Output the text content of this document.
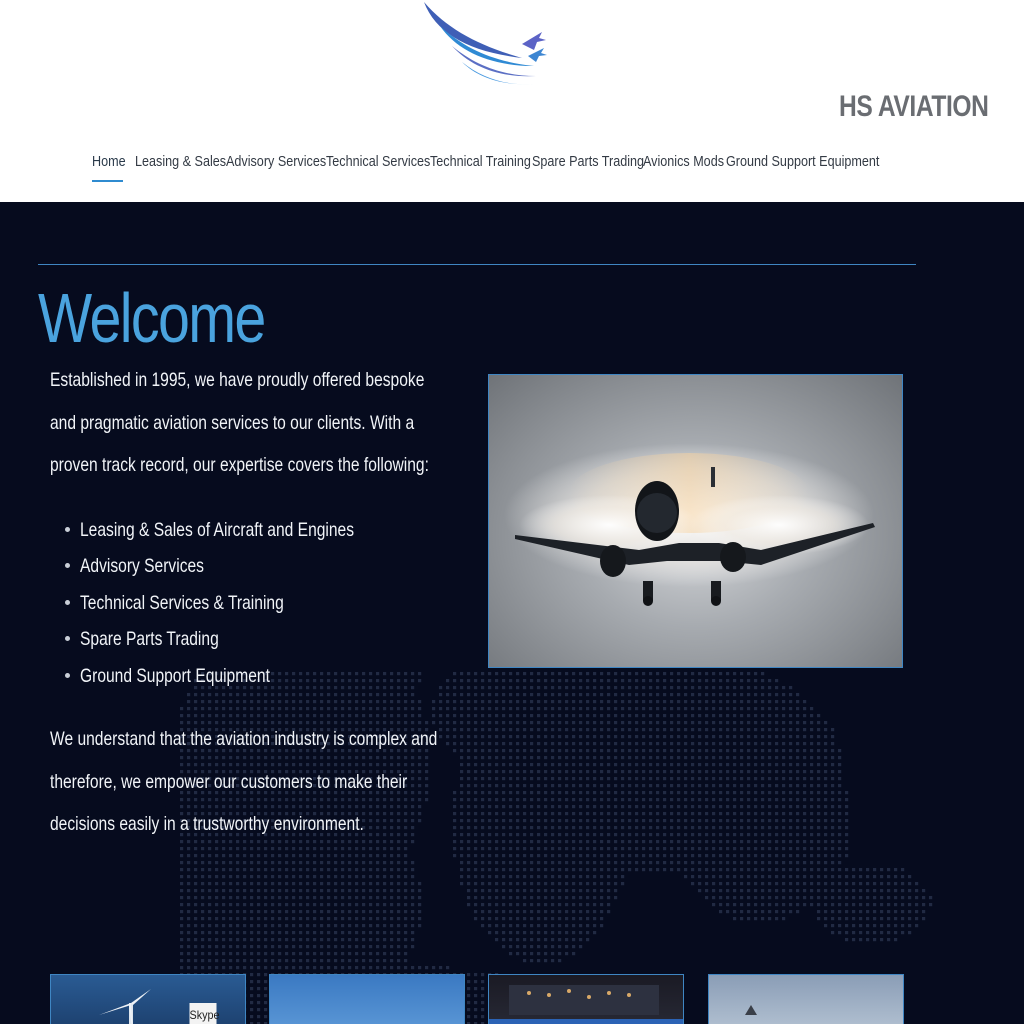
HS AVIATION
Home Leasing & Sales Advisory Services Technical Services Technical Training Spare Parts Trading
Avionics Mods Ground Support Equipment
Welcome
Established in 1995, we have proudly offered bespoke and pragmatic aviation services to our clients. With a proven track record, our expertise covers the following:
Leasing & Sales of Aircraft and Engines
Advisory Services
Technical Services & Training
Spare Parts Trading
Ground Support Equipment
We understand that the aviation industry is complex and therefore, we empower our customers to make their decisions easily in a trustworthy environment.
Skype
